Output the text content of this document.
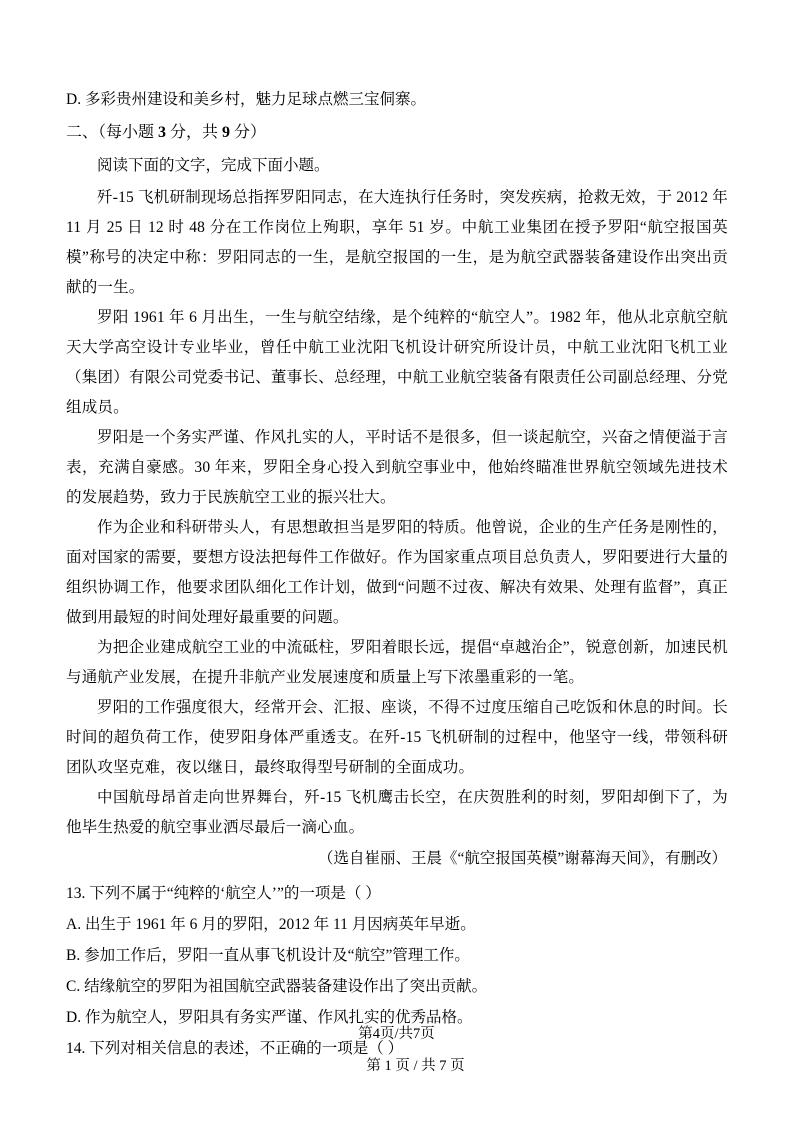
D. 多彩贵州建设和美乡村，魅力足球点燃三宝侗寨。

二、（每小题 3 分，共 9 分）

阅读下面的文字，完成下面小题。

歼-15 飞机研制现场总指挥罗阳同志，在大连执行任务时，突发疾病，抢救无效，于 2012 年 11 月 25 日 12 时 48 分在工作岗位上殉职，享年 51 岁。中航工业集团在授予罗阳“航空报国英模”称号的决定中称：罗阳同志的一生，是航空报国的一生，是为航空武器装备建设作出突出贡献的一生。

罗阳 1961 年 6 月出生，一生与航空结缘，是个纯粹的“航空人”。1982 年，他从北京航空航天大学高空设计专业毕业，曾任中航工业沈阳飞机设计研究所设计员，中航工业沈阳飞机工业（集团）有限公司党委书记、董事长、总经理，中航工业航空装备有限责任公司副总经理、分党组成员。

罗阳是一个务实严谨、作风扎实的人，平时话不是很多，但一谈起航空，兴奋之情便溢于言表，充满自豪感。30 年来，罗阳全身心投入到航空事业中，他始终瞄准世界航空领域先进技术的发展趋势，致力于民族航空工业的振兴壮大。

作为企业和科研带头人，有思想敢担当是罗阳的特质。他曾说，企业的生产任务是刚性的，面对国家的需要，要想方设法把每件工作做好。作为国家重点项目总负责人，罗阳要进行大量的组织协调工作，他要求团队细化工作计划，做到“问题不过夜、解决有效果、处理有监督”，真正做到用最短的时间处理好最重要的问题。

为把企业建成航空工业的中流砥柱，罗阳着眼长远，提倡“卓越治企”，锐意创新，加速民机与通航产业发展，在提升非航产业发展速度和质量上写下浓墨重彩的一笔。

罗阳的工作强度很大，经常开会、汇报、座谈，不得不过度压缩自己吃饭和休息的时间。长时间的超负荷工作，使罗阳身体严重透支。在歼-15 飞机研制的过程中，他坚守一线，带领科研团队攻坚克难，夜以继日，最终取得型号研制的全面成功。

中国航母昂首走向世界舞台，歼-15 飞机鹰击长空，在庆贺胜利的时刻，罗阳却倒下了，为他毕生热爱的航空事业洒尽最后一滴心血。

（选自崔丽、王晨《“航空报国英模”谢幕海天间》，有删改）

13. 下列不属于“纯粹的‘航空人’”的一项是（ ）

A. 出生于 1961 年 6 月的罗阳，2012 年 11 月因病英年早逝。

B. 参加工作后，罗阳一直从事飞机设计及“航空”管理工作。

C. 结缘航空的罗阳为祖国航空武器装备建设作出了突出贡献。

D. 作为航空人，罗阳具有务实严谨、作风扎实的优秀品格。

14. 下列对相关信息的表述，不正确的一项是（ ）

第4页/共7页
第 1 页 / 共 7 页
